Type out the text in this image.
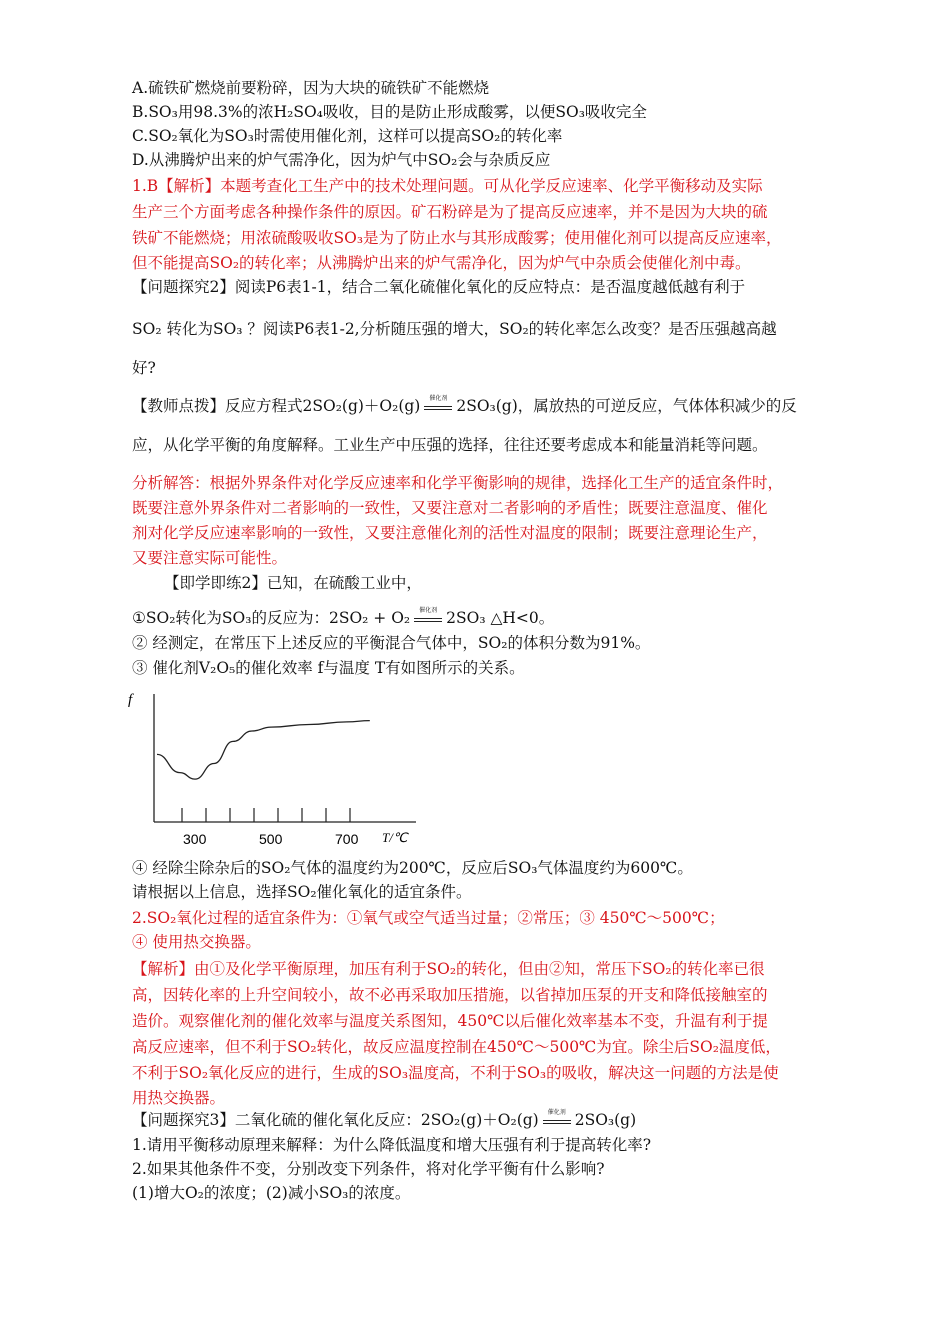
A.硫铁矿燃烧前要粉碎，因为大块的硫铁矿不能燃烧
B.SO₃用98.3%的浓H₂SO₄吸收，目的是防止形成酸雾，以便SO₃吸收完全
C.SO₂氧化为SO₃时需使用催化剂，这样可以提高SO₂的转化率
D.从沸腾炉出来的炉气需净化，因为炉气中SO₂会与杂质反应
1.B【解析】本题考查化工生产中的技术处理问题。可从化学反应速率、化学平衡移动及实际
生产三个方面考虑各种操作条件的原因。矿石粉碎是为了提高反应速率，并不是因为大块的硫
铁矿不能燃烧；用浓硫酸吸收SO₃是为了防止水与其形成酸雾；使用催化剂可以提高反应速率，
但不能提高SO₂的转化率；从沸腾炉出来的炉气需净化，因为炉气中杂质会使催化剂中毒。
【问题探究2】阅读P6表1-1，结合二氧化硫催化氧化的反应特点：是否温度越低越有利于
SO₂ 转化为SO₃ ？阅读P6表1-2,分析随压强的增大，SO₂的转化率怎么改变？是否压强越高越
好?
【教师点拨】反应方程式2SO₂(g)＋O₂(g)	催化剂 2SO₃(g)，属放热的可逆反应，气体体积减少的反
应，从化学平衡的角度解释。工业生产中压强的选择，往往还要考虑成本和能量消耗等问题。
分析解答：根据外界条件对化学反应速率和化学平衡影响的规律，选择化工生产的适宜条件时，
既要注意外界条件对二者影响的一致性，又要注意对二者影响的矛盾性；既要注意温度、催化
剂对化学反应速率影响的一致性，又要注意催化剂的活性对温度的限制；既要注意理论生产，
又要注意实际可能性。
【即学即练2】已知，在硫酸工业中，
①SO₂转化为SO₃的反应为：2SO₂ + O₂	催化剂 2SO₃ △H<0。
② 经测定，在常压下上述反应的平衡混合气体中，SO₂的体积分数为91%。
③ 催化剂V₂O₅的催化效率 f与温度 T有如图所示的关系。
f
T/℃
300	500	700
④ 经除尘除杂后的SO₂气体的温度约为200℃，反应后SO₃气体温度约为600℃。
请根据以上信息，选择SO₂催化氧化的适宜条件。
2.SO₂氧化过程的适宜条件为：①氧气或空气适当过量；②常压；③ 450℃～500℃；
④ 使用热交换器。
【解析】由①及化学平衡原理，加压有利于SO₂的转化，但由②知，常压下SO₂的转化率已很
高，因转化率的上升空间较小，故不必再采取加压措施，以省掉加压泵的开支和降低接触室的
造价。观察催化剂的催化效率与温度关系图知，450℃以后催化效率基本不变，升温有利于提
高反应速率，但不利于SO₂转化，故反应温度控制在450℃～500℃为宜。除尘后SO₂温度低，
不利于SO₂氧化反应的进行，生成的SO₃温度高，不利于SO₃的吸收，解决这一问题的方法是使
用热交换器。
【问题探究3】二氧化硫的催化氧化反应：2SO₂(g)＋O₂(g)	催化剂 2SO₃(g)
1.请用平衡移动原理来解释：为什么降低温度和增大压强有利于提高转化率?
2.如果其他条件不变，分别改变下列条件，将对化学平衡有什么影响?
(1)增大O₂的浓度；(2)减小SO₃的浓度。
